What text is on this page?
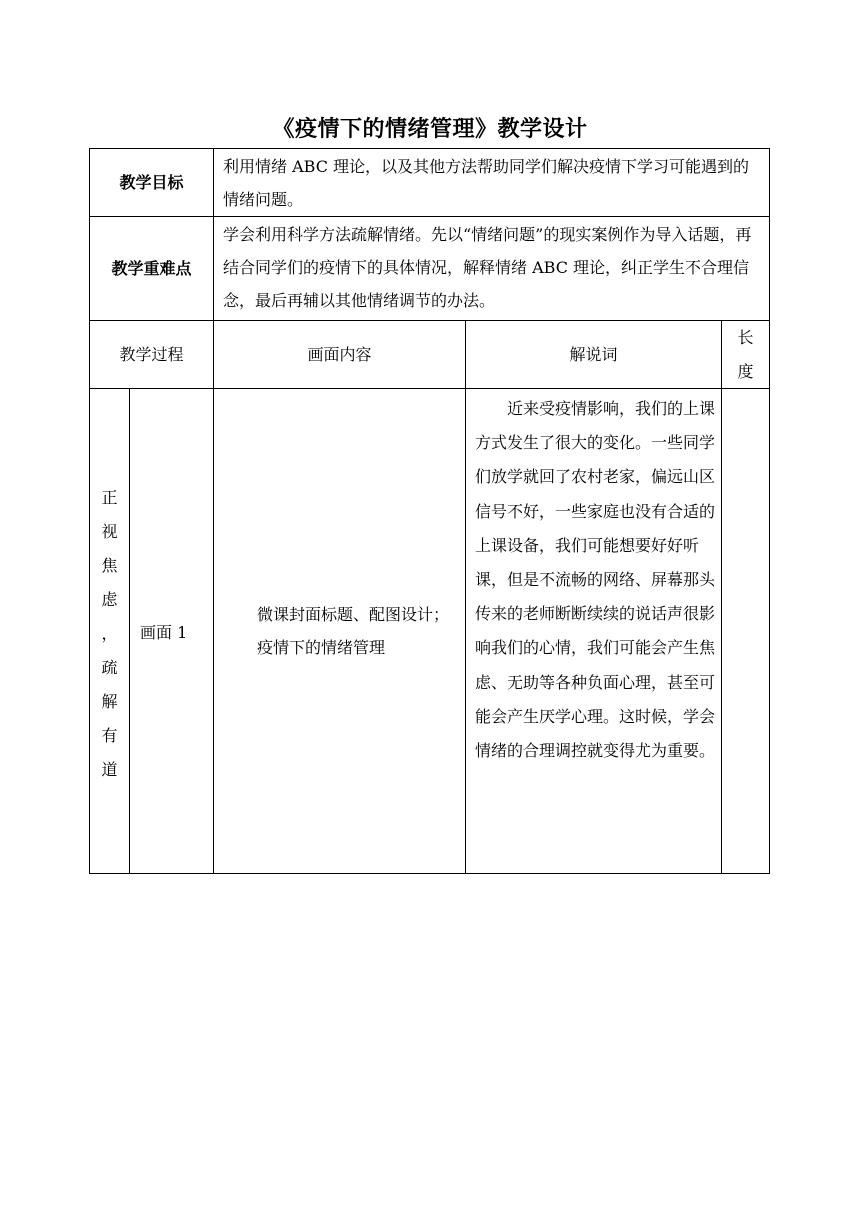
《疫情下的情绪管理》教学设计
教学目标
利用情绪 ABC 理论，以及其他方法帮助同学们解决疫情下学习可能遇到的情绪问题。
教学重难点
学会利用科学方法疏解情绪。先以“情绪问题”的现实案例作为导入话题，再结合同学们的疫情下的具体情况，解释情绪 ABC 理论，纠正学生不合理信念，最后再辅以其他情绪调节的办法。
教学过程	画面内容	解说词
长
度
正
视
焦
虑
，
疏
解
有
道
画面 1
微课封面标题、配图设计；疫情下的情绪管理
近来受疫情影响，我们的上课方式发生了很大的变化。一些同学们放学就回了农村老家，偏远山区信号不好，一些家庭也没有合适的上课设备，我们可能想要好好听课，但是不流畅的网络、屏幕那头传来的老师断断续续的说话声很影响我们的心情，我们可能会产生焦虑、无助等各种负面心理，甚至可能会产生厌学心理。这时候，学会情绪的合理调控就变得尤为重要。
